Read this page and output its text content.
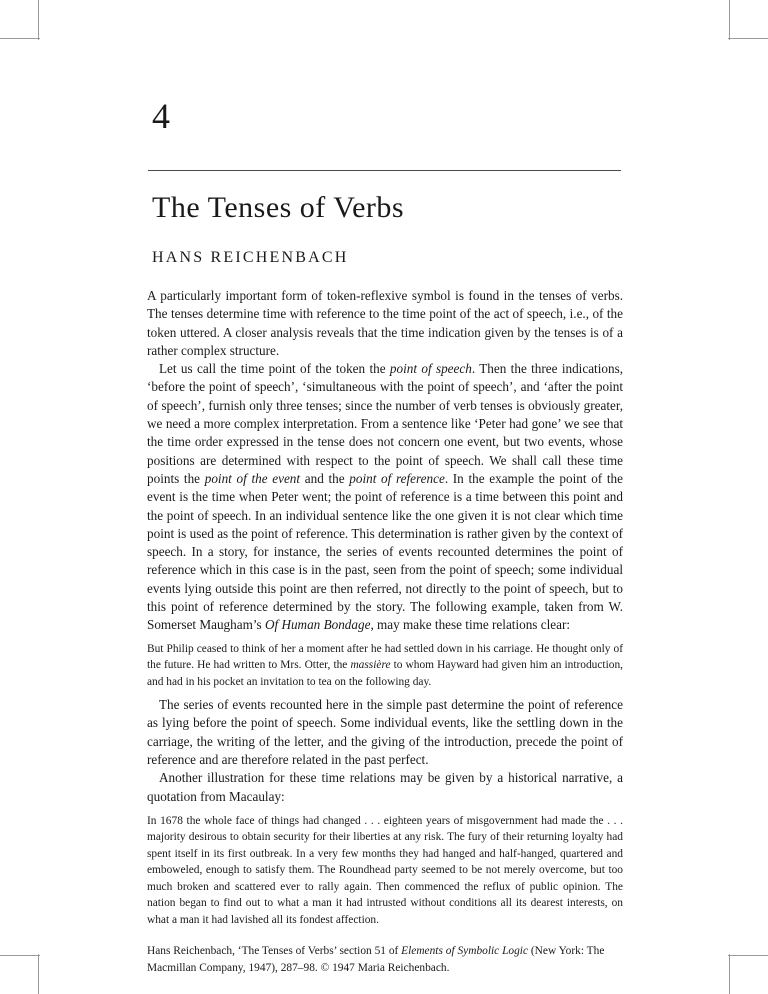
4
The Tenses of Verbs
HANS REICHENBACH

A particularly important form of token-reflexive symbol is found in the tenses of verbs. The tenses determine time with reference to the time point of the act of speech, i.e., of the token uttered. A closer analysis reveals that the time indication given by the tenses is of a rather complex structure.

Let us call the time point of the token the point of speech. Then the three indications, ‘before the point of speech’, ‘simultaneous with the point of speech’, and ‘after the point of speech’, furnish only three tenses; since the number of verb tenses is obviously greater, we need a more complex interpretation. From a sentence like ‘Peter had gone’ we see that the time order expressed in the tense does not concern one event, but two events, whose positions are determined with respect to the point of speech. We shall call these time points the point of the event and the point of reference. In the example the point of the event is the time when Peter went; the point of reference is a time between this point and the point of speech. In an individual sentence like the one given it is not clear which time point is used as the point of reference. This determination is rather given by the context of speech. In a story, for instance, the series of events recounted determines the point of reference which in this case is in the past, seen from the point of speech; some individual events lying outside this point are then referred, not directly to the point of speech, but to this point of reference determined by the story. The following example, taken from W. Somerset Maugham’s Of Human Bondage, may make these time relations clear:

But Philip ceased to think of her a moment after he had settled down in his carriage. He thought only of the future. He had written to Mrs. Otter, the massière to whom Hayward had given him an introduction, and had in his pocket an invitation to tea on the following day.

The series of events recounted here in the simple past determine the point of reference as lying before the point of speech. Some individual events, like the settling down in the carriage, the writing of the letter, and the giving of the introduction, precede the point of reference and are therefore related in the past perfect.

Another illustration for these time relations may be given by a historical narrative, a quotation from Macaulay:

In 1678 the whole face of things had changed . . . eighteen years of misgovernment had made the . . . majority desirous to obtain security for their liberties at any risk. The fury of their returning loyalty had spent itself in its first outbreak. In a very few months they had hanged and half-hanged, quartered and emboweled, enough to satisfy them. The Roundhead party seemed to be not merely overcome, but too much broken and scattered ever to rally again. Then commenced the reflux of public opinion. The nation began to find out to what a man it had intrusted without conditions all its dearest interests, on what a man it had lavished all its fondest affection.

Hans Reichenbach, ‘The Tenses of Verbs’ section 51 of Elements of Symbolic Logic (New York: The Macmillan Company, 1947), 287–98. © 1947 Maria Reichenbach.
